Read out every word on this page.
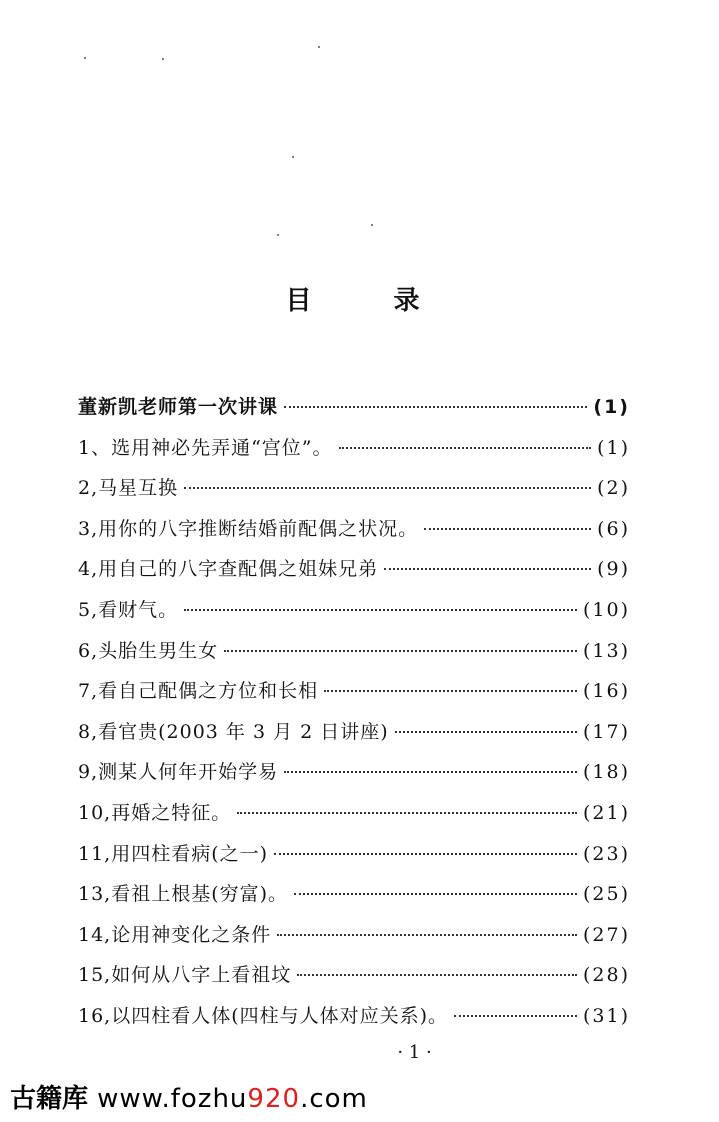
目　录
董新凯老师第一次讲课	(1)
1、选用神必先弄通“宫位”。	(1)
2,马星互换	(2)
3,用你的八字推断结婚前配偶之状况。	(6)
4,用自己的八字查配偶之姐妹兄弟	(9)
5,看财气。	(10)
6,头胎生男生女	(13)
7,看自己配偶之方位和长相	(16)
8,看官贵(2003 年 3 月 2 日讲座)	(17)
9,测某人何年开始学易	(18)
10,再婚之特征。	(21)
11,用四柱看病(之一)	(23)
13,看祖上根基(穷富)。	(25)
14,论用神变化之条件	(27)
15,如何从八字上看祖坟	(28)
16,以四柱看人体(四柱与人体对应关系)。	(31)
· 1 ·
古籍库 www.fozhu920.com
